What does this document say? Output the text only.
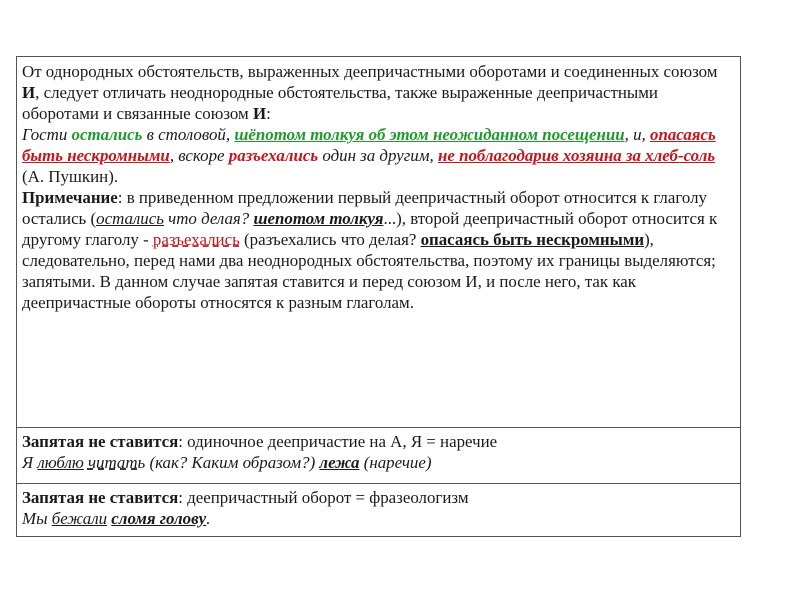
От однородных обстоятельств, выраженных деепричастными оборотами и соединенных союзом И, следует отличать неоднородные обстоятельства, также выраженные деепричастными оборотами и связанные союзом И:
Гости остались в столовой, шёпотом толкуя об этом неожиданном посещении, и, опасаясь быть нескромными, вскоре разъехались один за другим, не поблагодарив хозяина за хлеб-соль (А. Пушкин).
Примечание: в приведенном предложении первый деепричастный оборот относится к глаголу остались (остались что делая? шепотом толкуя...), второй деепричастный оборот относится к другому глаголу - разъехались (разъехались что делая? опасаясь быть нескромными), следовательно, перед нами два неоднородных обстоятельства, поэтому их границы выделяются; запятыми. В данном случае запятая ставится и перед союзом И, и после него, так как деепричастные обороты относятся к разным глаголам.
Запятая не ставится: одиночное деепричастие на А, Я = наречие
Я люблю читать (как? Каким образом?) лежа (наречие)
Запятая не ставится: деепричастный оборот = фразеологизм
Мы бежали сломя голову.
